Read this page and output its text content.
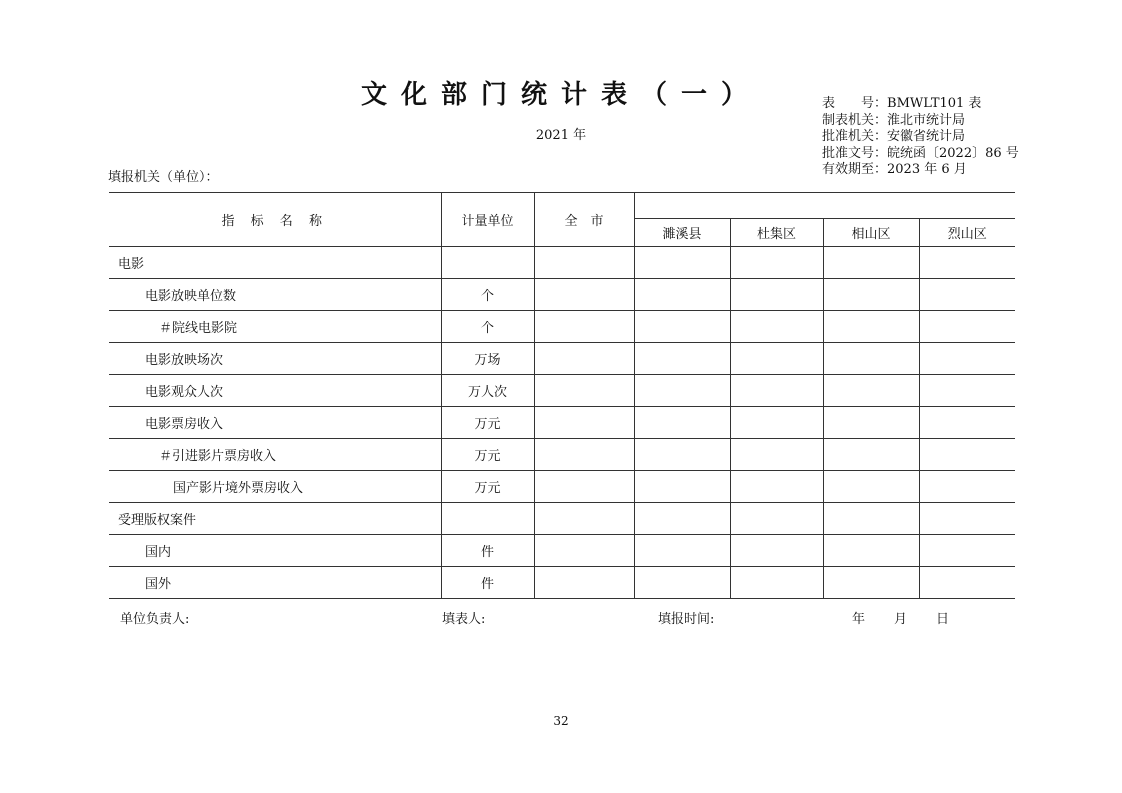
文化部门统计表（一）
2021 年
表　　号：BMWLT101 表
制表机关：淮北市统计局
批准机关：安徽省统计局
批准文号：皖统函〔2022〕86 号
有效期至：2023 年 6 月
填报机关（单位）：
指 标 名 称	计量单位	全　市				
			濉溪县	杜集区	相山区	烈山区
电影						
电影放映单位数	个					
＃院线电影院	个					
电影放映场次	万场					
电影观众人次	万人次					
电影票房收入	万元					
＃引进影片票房收入	万元					
国产影片境外票房收入	万元					
受理版权案件						
国内	件					
国外	件					
单位负责人:	填表人:	填报时间:	年 月 日
32
